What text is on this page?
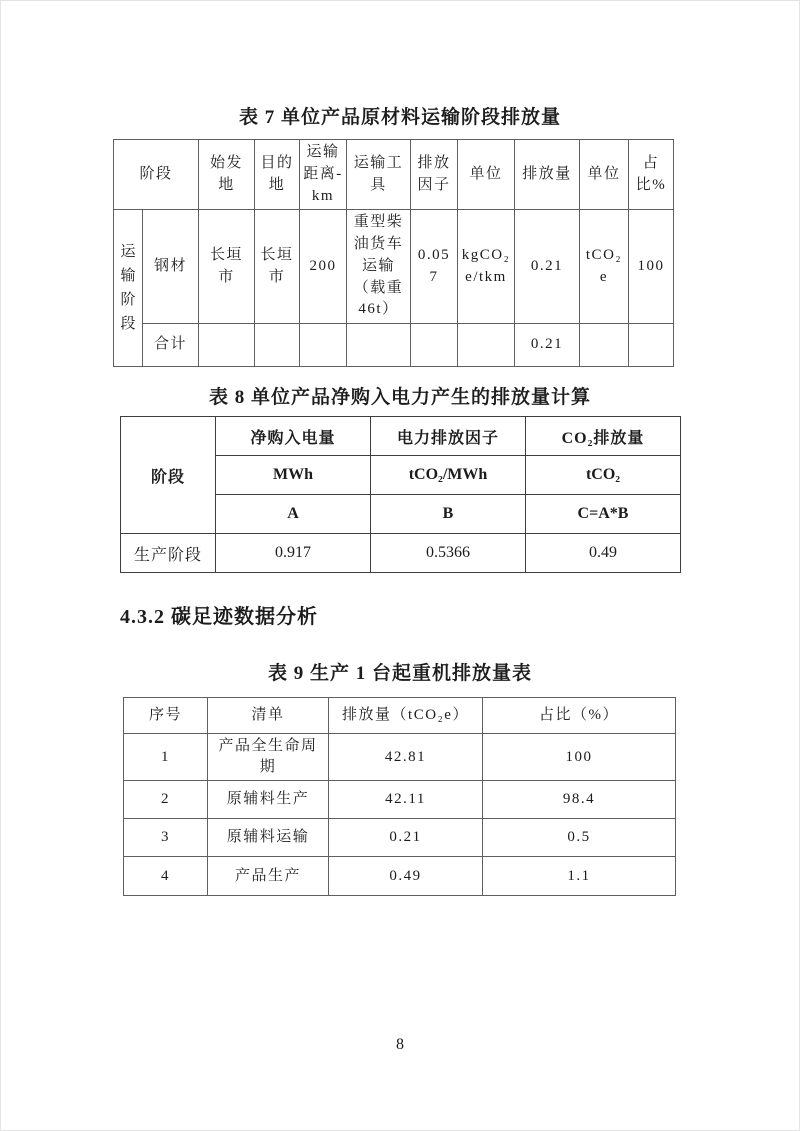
表 7 单位产品原材料运输阶段排放量
阶段		始发地	目的地	运输距离-km	运输工具	排放因子	单位	排放量	单位	占比%
运输阶段	钢材	长垣市	长垣市	200	重型柴油货车运输（载重46t）	0.057	kgCO₂e/tkm	0.21	tCO₂e	100
	合计							0.21		
表 8 单位产品净购入电力产生的排放量计算
阶段	净购入电量	电力排放因子	CO₂排放量
	MWh	tCO₂/MWh	tCO₂
	A	B	C=A*B
生产阶段	0.917	0.5366	0.49
4.3.2 碳足迹数据分析
表 9 生产 1 台起重机排放量表
序号	清单	排放量（tCO₂e）	占比（%）
1	产品全生命周期	42.81	100
2	原辅料生产	42.11	98.4
3	原辅料运输	0.21	0.5
4	产品生产	0.49	1.1
8
